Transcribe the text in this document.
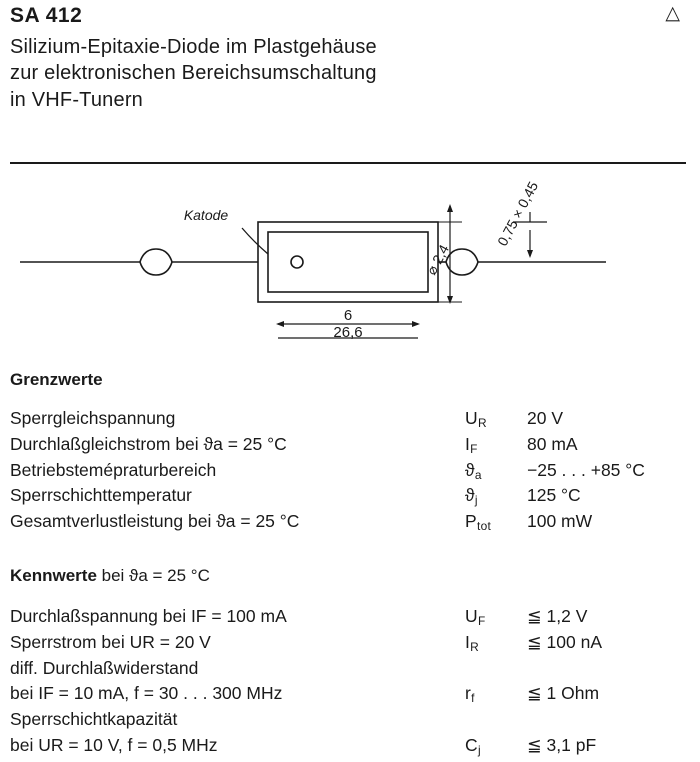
SA 412	△
Silizium-Epitaxie-Diode im Plastgehäuse
zur elektronischen Bereichsumschaltung
in VHF-Tunern
Katode
6
26,6
⌀ 2,4
0,75 × 0,45
Grenzwerte
Sperrgleichspannung	$U_R$	20 V
Durchlaßgleichstrom bei ϑa = 25 °C	$I_F$	80 mA
Betriebstemépraturbereich	$ϑ_a$	−25 . . . +85 °C
Sperrschichttemperatur	$ϑ_j$	125 °C
Gesamtverlustleistung bei ϑa = 25 °C	$P_{tot}$	100 mW
Kennwerte bei ϑa = 25 °C
Durchlaßspannung bei IF = 100 mA	$U_F$	≦ 1,2 V
Sperrstrom bei UR = 20 V	$I_R$	≦ 100 nA
diff. Durchlaßwiderstand		
bei IF = 10 mA, f = 30 . . . 300 MHz	$r_f$	≦ 1 Ohm
Sperrschichtkapazität		
bei UR = 10 V, f = 0,5 MHz	$C_j$	≦ 3,1 pF
